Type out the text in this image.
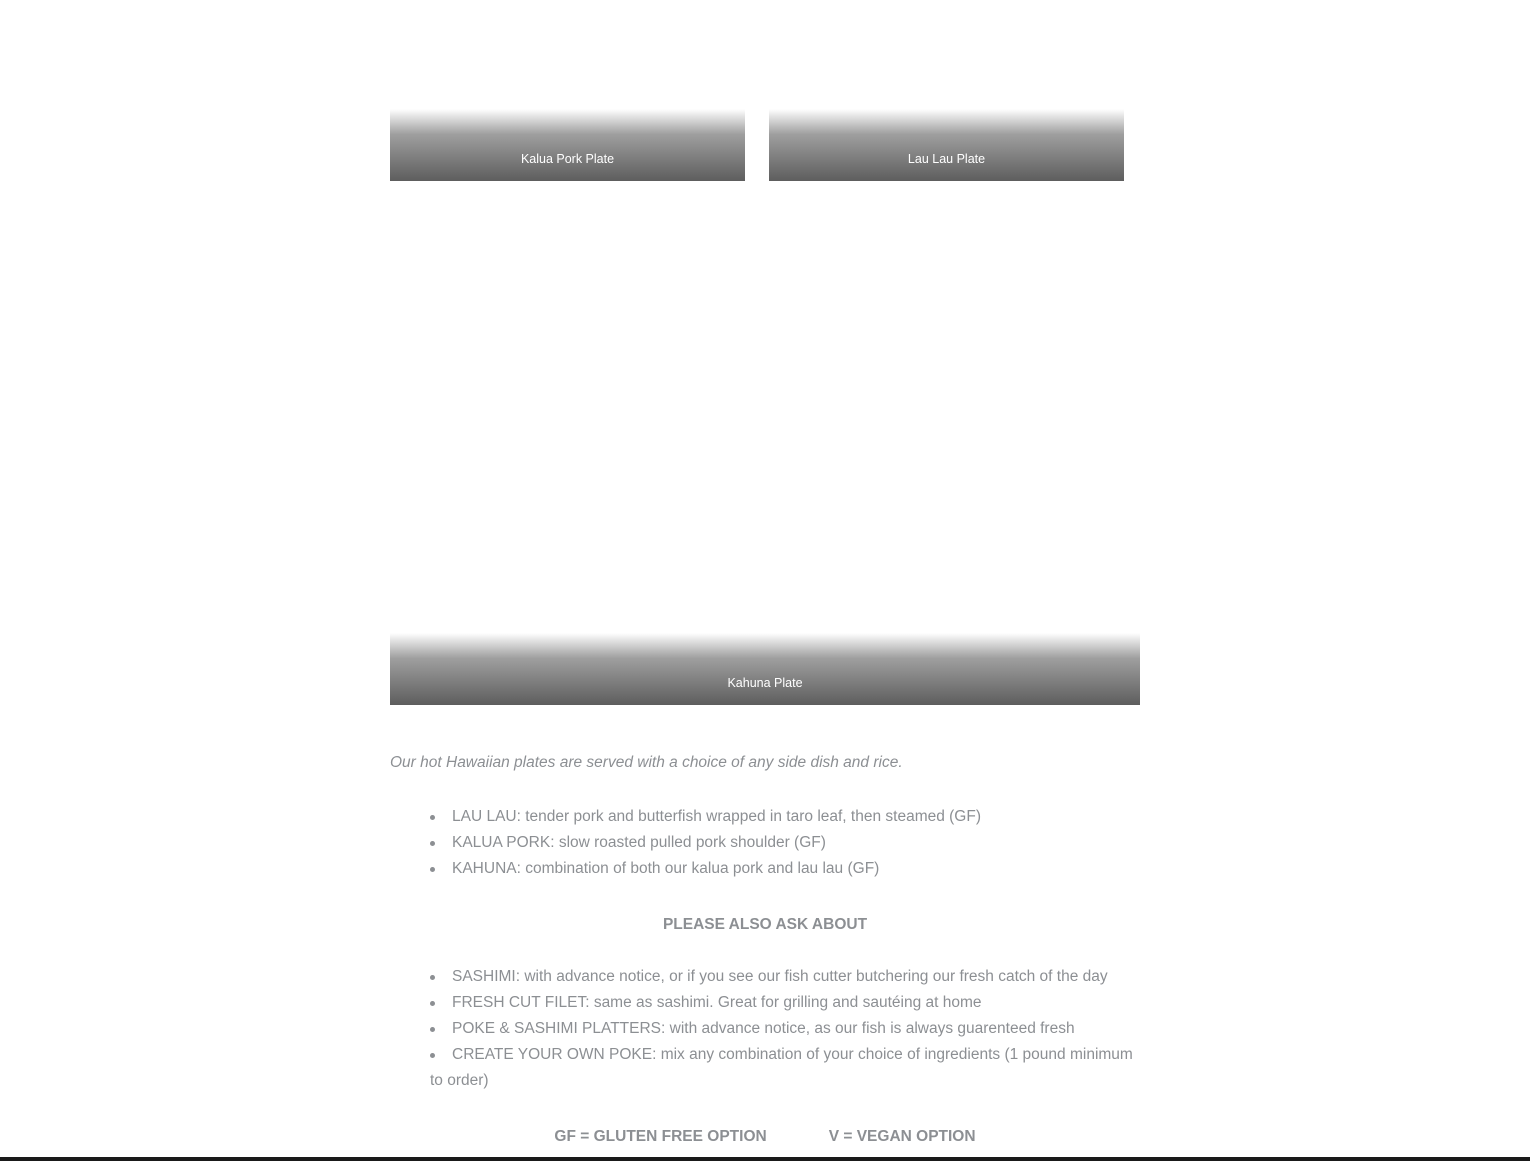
Kalua Pork Plate	Lau Lau Plate
Kahuna Plate

Our hot Hawaiian plates are served with a choice of any side dish and rice.

LAU LAU: tender pork and butterfish wrapped in taro leaf, then steamed (GF)
KALUA PORK: slow roasted pulled pork shoulder (GF)
KAHUNA: combination of both our kalua pork and lau lau (GF)
PLEASE ALSO ASK ABOUT
SASHIMI: with advance notice, or if you see our fish cutter butchering our fresh catch of the day
FRESH CUT FILET: same as sashimi. Great for grilling and sautéing at home
POKE & SASHIMI PLATTERS: with advance notice, as our fish is always guarenteed fresh
CREATE YOUR OWN POKE: mix any combination of your choice of ingredients (1 pound minimum to order)
GF = GLUTEN FREE OPTION	V = VEGAN OPTION
